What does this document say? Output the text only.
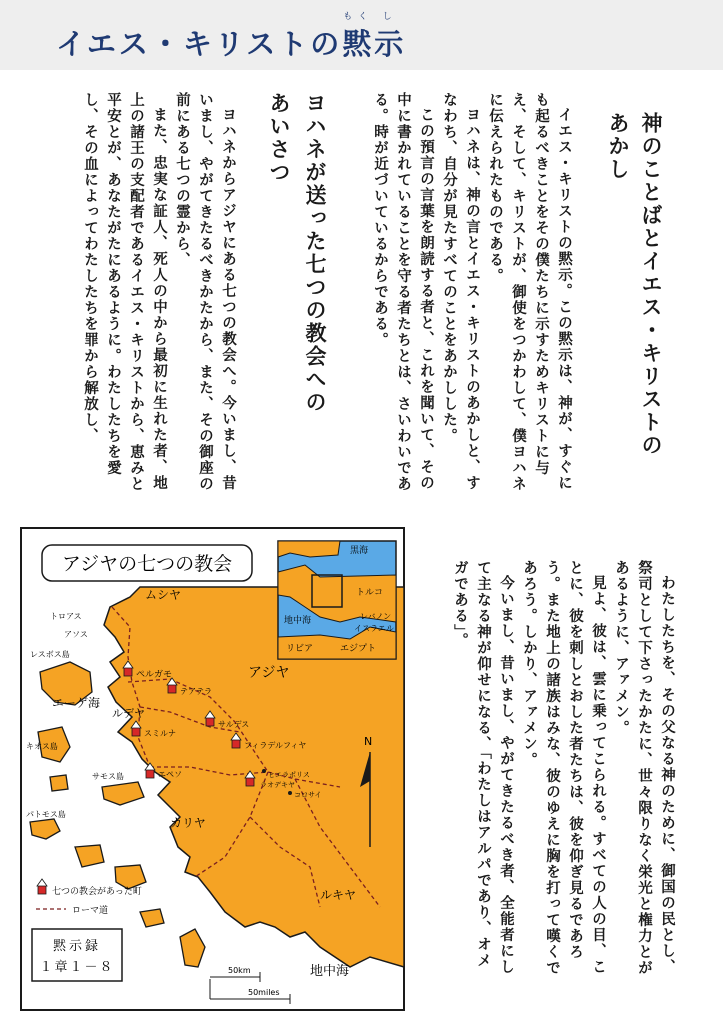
イエス・キリストの
もく
黙
し
示
神のことばとイエス・キリストの
あかし

イエス・キリストの黙示。この黙示は、神が、すぐにも起るべきことをその僕たちに示すためキリストに与え、そして、キリストが、御使をつかわして、僕ヨハネに伝えられたものである。

ヨハネは、神の言とイエス・キリストのあかしと、すなわち、自分が見たすべてのことをあかしした。

この預言の言葉を朗読する者と、これを聞いて、その中に書かれていることを守る者たちとは、さいわいである。時が近づいているからである。

ヨハネが送った七つの教会への
あいさつ

ヨハネからアジヤにある七つの教会へ。今いまし、昔いまし、やがてきたるべきかたから、また、その御座の前にある七つの霊から、

また、忠実な証人、死人の中から最初に生れた者、地上の諸王の支配者であるイエス・キリストから、恵みと平安とが、あなたがたにあるように。わたしたちを愛し、その血によってわたしたちを罪から解放し、

わたしたちを、その父なる神のために、御国の民とし、祭司として下さったかたに、世々限りなく栄光と権力とがあるように、アァメン。

見よ、彼は、雲に乗ってこられる。すべての人の目、ことに、彼を刺しとおした者たちは、彼を仰ぎ見るであろう。また地上の諸族はみな、彼のゆえに胸を打って嘆くであろう。しかり、アァメン。

今いまし、昔いまし、やがてきたるべき者、全能者にして主なる神が仰せになる、「わたしはアルパであり、オメガである」。

アジヤの七つの教会
黒海
トルコ
地中海	レバノン
イスラエル
リビア	エジプト
ムシヤ
アジヤ
ルデヤ
エーゲ海
カリヤ
ルキヤ
地中海
トロアス
アソス
レスボス島
キオス島
サモス島
パトモス島
ヒエラポリス
コロサイ
ペルガモ
テアテラ
サルデス
スミルナ
フィラデルフィヤ
エペソ
ラオデキヤ
N
七つの教会があった町
ローマ道
黙示録
１章１－８	50km
50miles
